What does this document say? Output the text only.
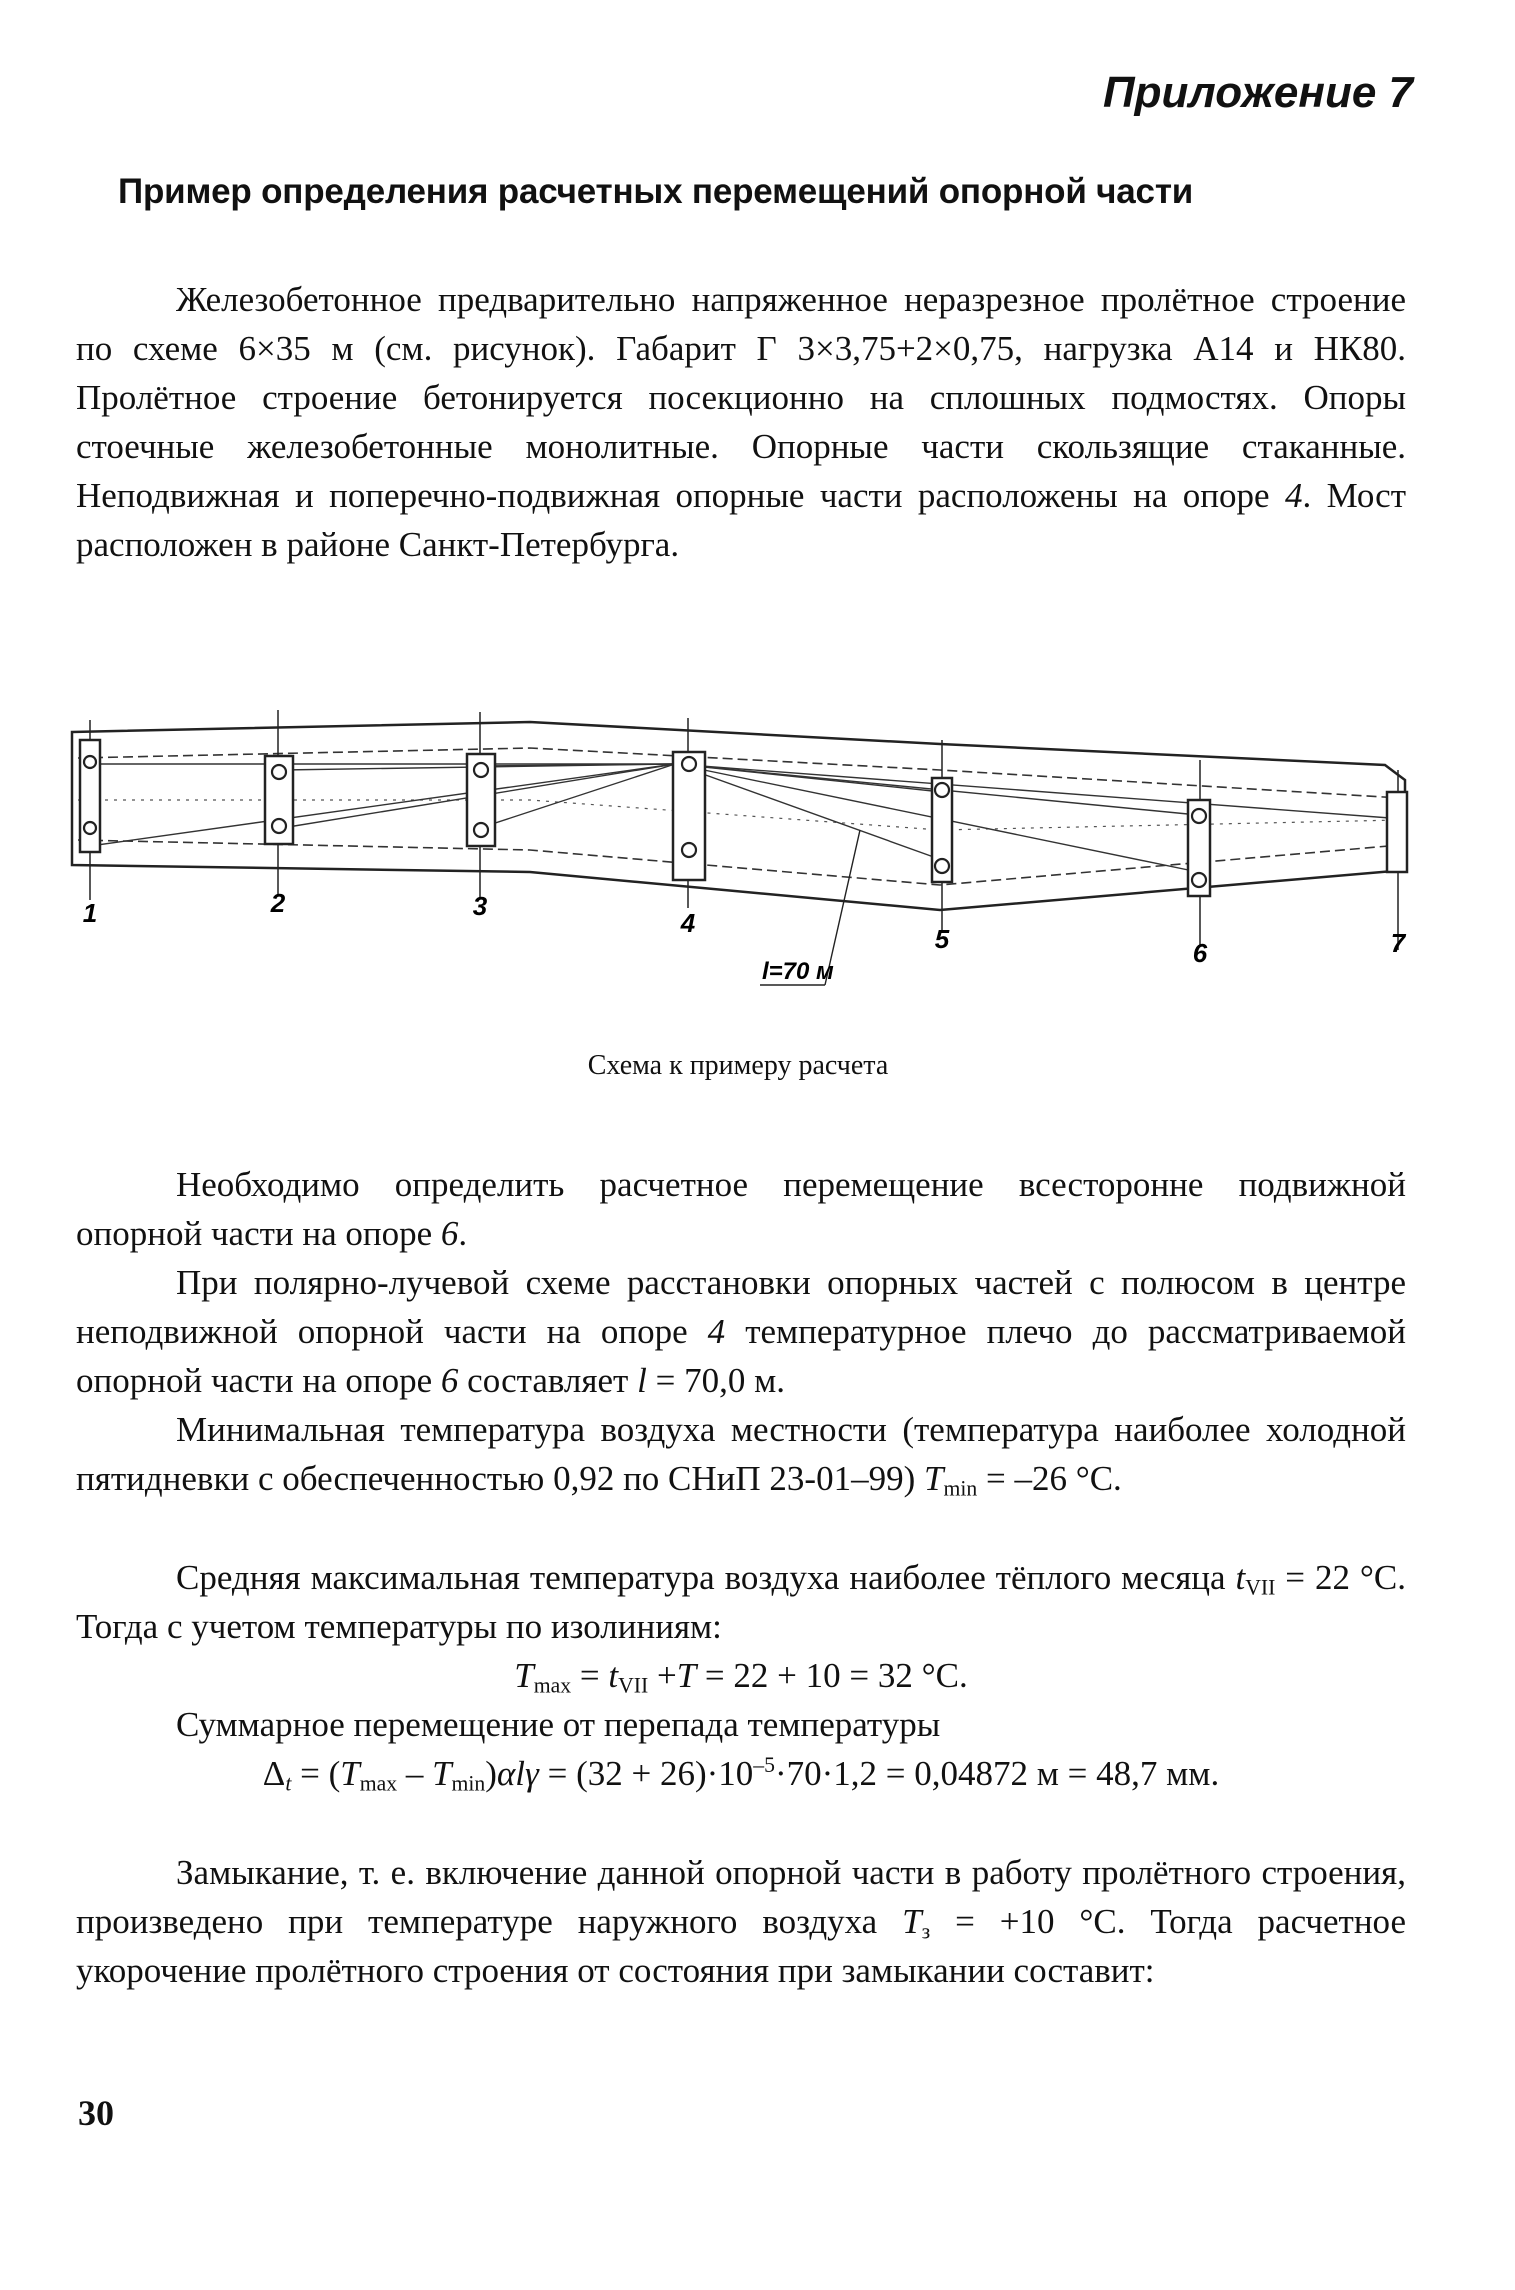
Приложение 7
Пример определения расчетных перемещений опорной части

Железобетонное предварительно напряженное неразрезное пролётное строение по схеме 6×35 м (см. рисунок). Габарит Г 3×3,75+2×0,75, нагрузка А14 и НК80. Пролётное строение бетонируется посекционно на сплошных подмостях. Опоры стоечные железобетонные монолитные. Опорные части скользящие стаканные. Неподвижная и поперечно-подвижная опорные части расположены на опоре 4. Мост расположен в районе Санкт-Петербурга.

1	2	3
4
5	6	7
l=70 м
Схема к примеру расчета

Необходимо определить расчетное перемещение всесторонне подвижной опорной части на опоре 6.

При полярно-лучевой схеме расстановки опорных частей с полюсом в центре неподвижной опорной части на опоре 4 температурное плечо до рассматриваемой опорной части на опоре 6 составляет l = 70,0 м.

Минимальная температура воздуха местности (температура наиболее холодной пятидневки с обеспеченностью 0,92 по СНиП 23-01–99) $T_{min} = -26$ °С.

Средняя максимальная температура воздуха наиболее тёплого месяца $t_{VII} = 22$ °С. Тогда с учетом температуры по изолиниям:

$T_{max} = t_{VII} +T = 22 + 10 = 32$ °С.

Суммарное перемещение от перепада температуры

$\Delta_t = (T_{max} - T_{min})\alpha l\gamma = (32 + 26)\cdot 10^{-5}\cdot 70\cdot 1,2 = 0,04872$ м = 48,7 мм.

Замыкание, т. е. включение данной опорной части в работу пролётного строения, произведено при температуре наружного воздуха $T_з = +10$ °С. Тогда расчетное укорочение пролётного строения от состояния при замыкании составит:

30
